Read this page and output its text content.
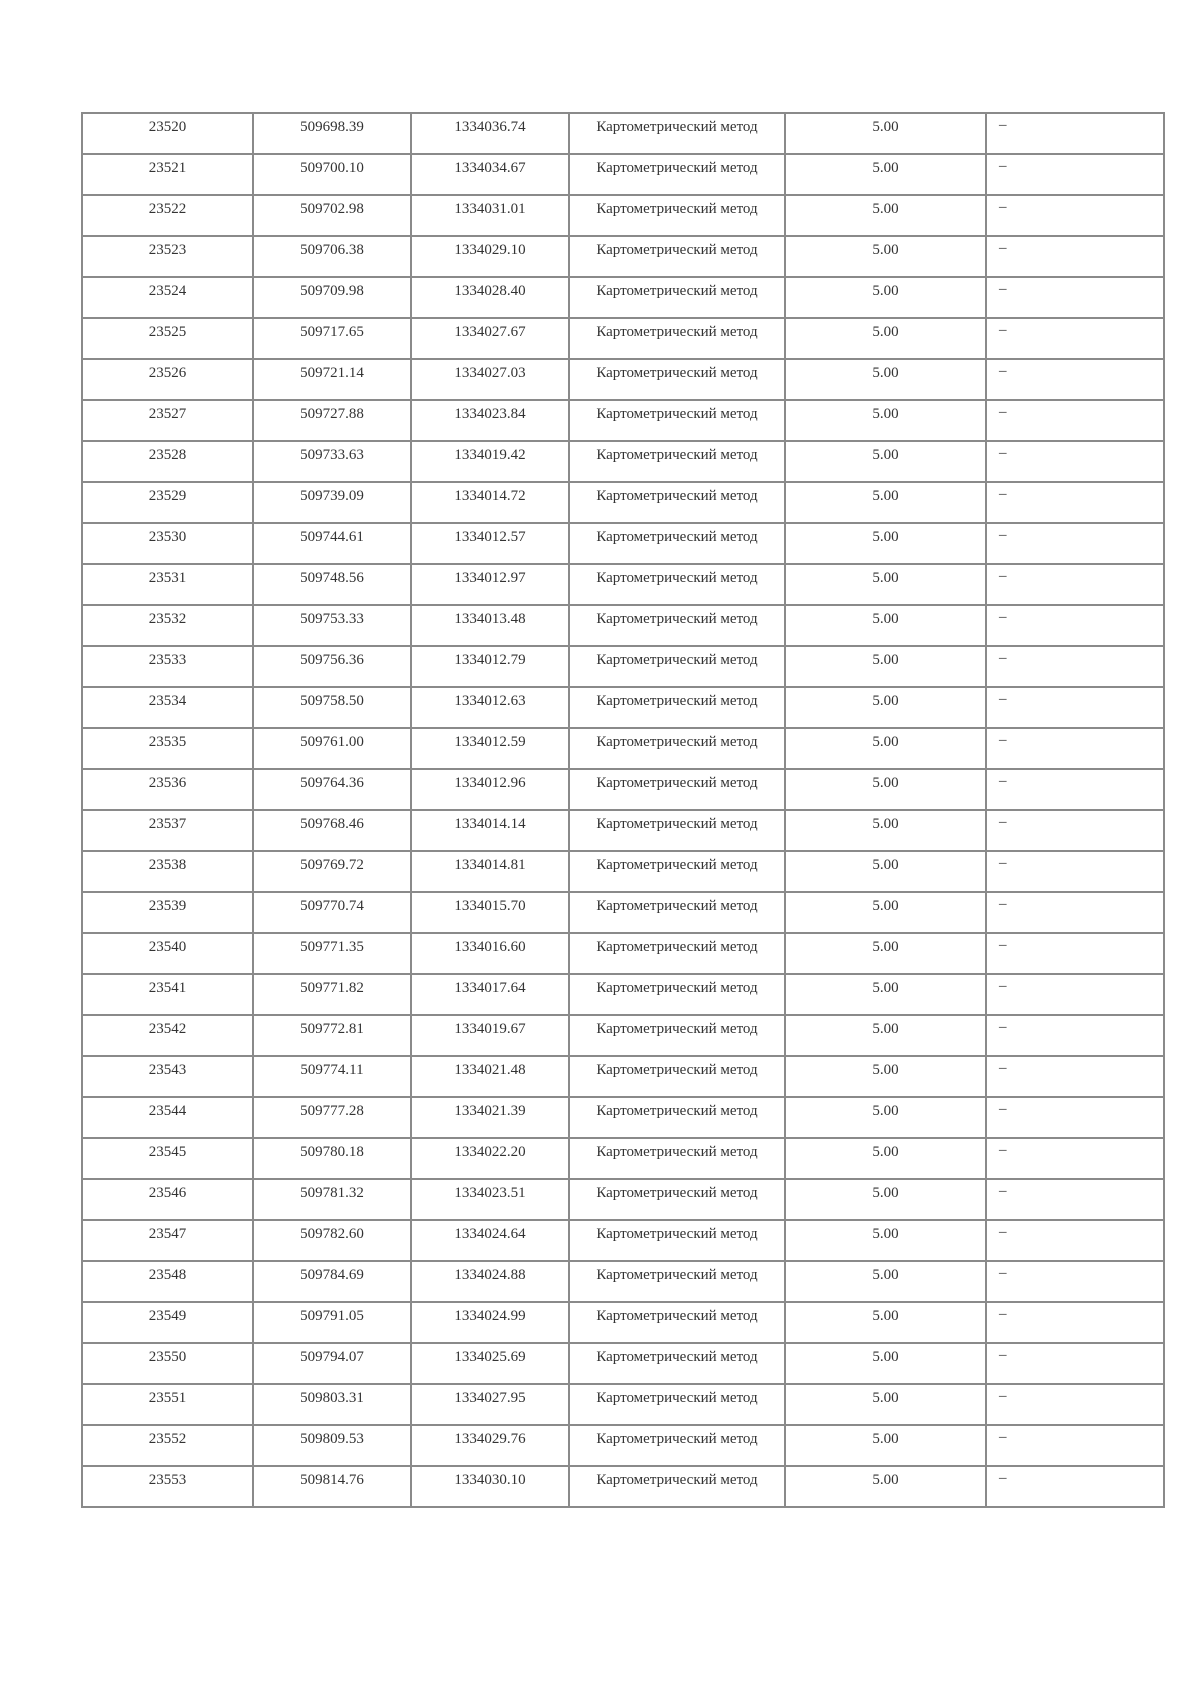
23520	509698.39	1334036.74	Картометрический метод	5.00	–

23521	509700.10	1334034.67	Картометрический метод	5.00	–

23522	509702.98	1334031.01	Картометрический метод	5.00	–

23523	509706.38	1334029.10	Картометрический метод	5.00	–

23524	509709.98	1334028.40	Картометрический метод	5.00	–

23525	509717.65	1334027.67	Картометрический метод	5.00	–

23526	509721.14	1334027.03	Картометрический метод	5.00	–

23527	509727.88	1334023.84	Картометрический метод	5.00	–

23528	509733.63	1334019.42	Картометрический метод	5.00	–

23529	509739.09	1334014.72	Картометрический метод	5.00	–

23530	509744.61	1334012.57	Картометрический метод	5.00	–

23531	509748.56	1334012.97	Картометрический метод	5.00	–

23532	509753.33	1334013.48	Картометрический метод	5.00	–

23533	509756.36	1334012.79	Картометрический метод	5.00	–

23534	509758.50	1334012.63	Картометрический метод	5.00	–

23535	509761.00	1334012.59	Картометрический метод	5.00	–

23536	509764.36	1334012.96	Картометрический метод	5.00	–

23537	509768.46	1334014.14	Картометрический метод	5.00	–

23538	509769.72	1334014.81	Картометрический метод	5.00	–

23539	509770.74	1334015.70	Картометрический метод	5.00	–

23540	509771.35	1334016.60	Картометрический метод	5.00	–

23541	509771.82	1334017.64	Картометрический метод	5.00	–

23542	509772.81	1334019.67	Картометрический метод	5.00	–

23543	509774.11	1334021.48	Картометрический метод	5.00	–

23544	509777.28	1334021.39	Картометрический метод	5.00	–

23545	509780.18	1334022.20	Картометрический метод	5.00	–

23546	509781.32	1334023.51	Картометрический метод	5.00	–

23547	509782.60	1334024.64	Картометрический метод	5.00	–

23548	509784.69	1334024.88	Картометрический метод	5.00	–

23549	509791.05	1334024.99	Картометрический метод	5.00	–

23550	509794.07	1334025.69	Картометрический метод	5.00	–

23551	509803.31	1334027.95	Картометрический метод	5.00	–

23552	509809.53	1334029.76	Картометрический метод	5.00	–

23553	509814.76	1334030.10	Картометрический метод	5.00	–
